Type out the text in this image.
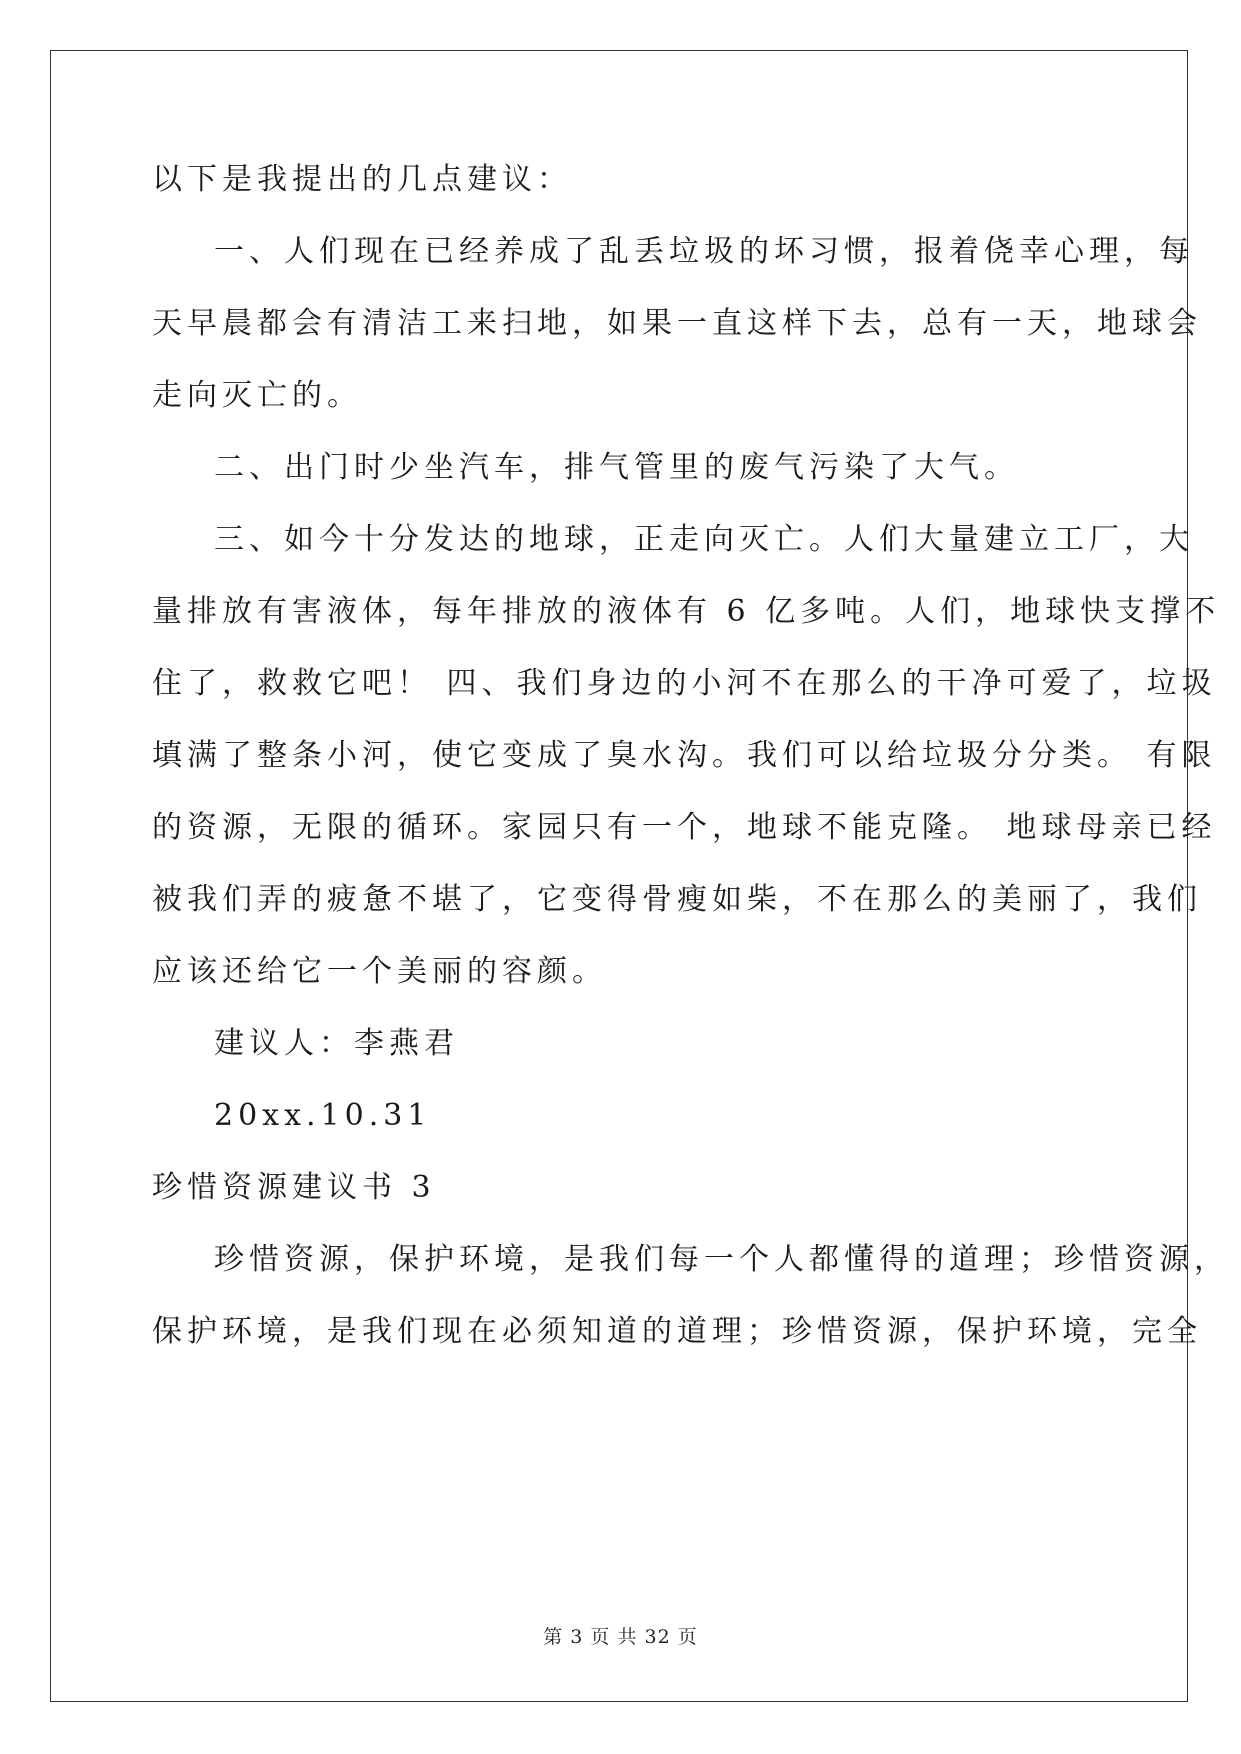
以下是我提出的几点建议：
一、人们现在已经养成了乱丢垃圾的坏习惯，报着侥幸心理，每
天早晨都会有清洁工来扫地，如果一直这样下去，总有一天，地球会
走向灭亡的。
二、出门时少坐汽车，排气管里的废气污染了大气。
三、如今十分发达的地球，正走向灭亡。人们大量建立工厂，大
量排放有害液体，每年排放的液体有 6 亿多吨。人们，地球快支撑不
住了，救救它吧！ 四、我们身边的小河不在那么的干净可爱了，垃圾
填满了整条小河，使它变成了臭水沟。我们可以给垃圾分分类。 有限
的资源，无限的循环。家园只有一个，地球不能克隆。 地球母亲已经
被我们弄的疲惫不堪了，它变得骨瘦如柴，不在那么的美丽了，我们
应该还给它一个美丽的容颜。
建议人：李燕君
20xx.10.31
珍惜资源建议书 3
珍惜资源，保护环境，是我们每一个人都懂得的道理；珍惜资源，
保护环境，是我们现在必须知道的道理；珍惜资源，保护环境，完全
第 3 页 共 32 页
